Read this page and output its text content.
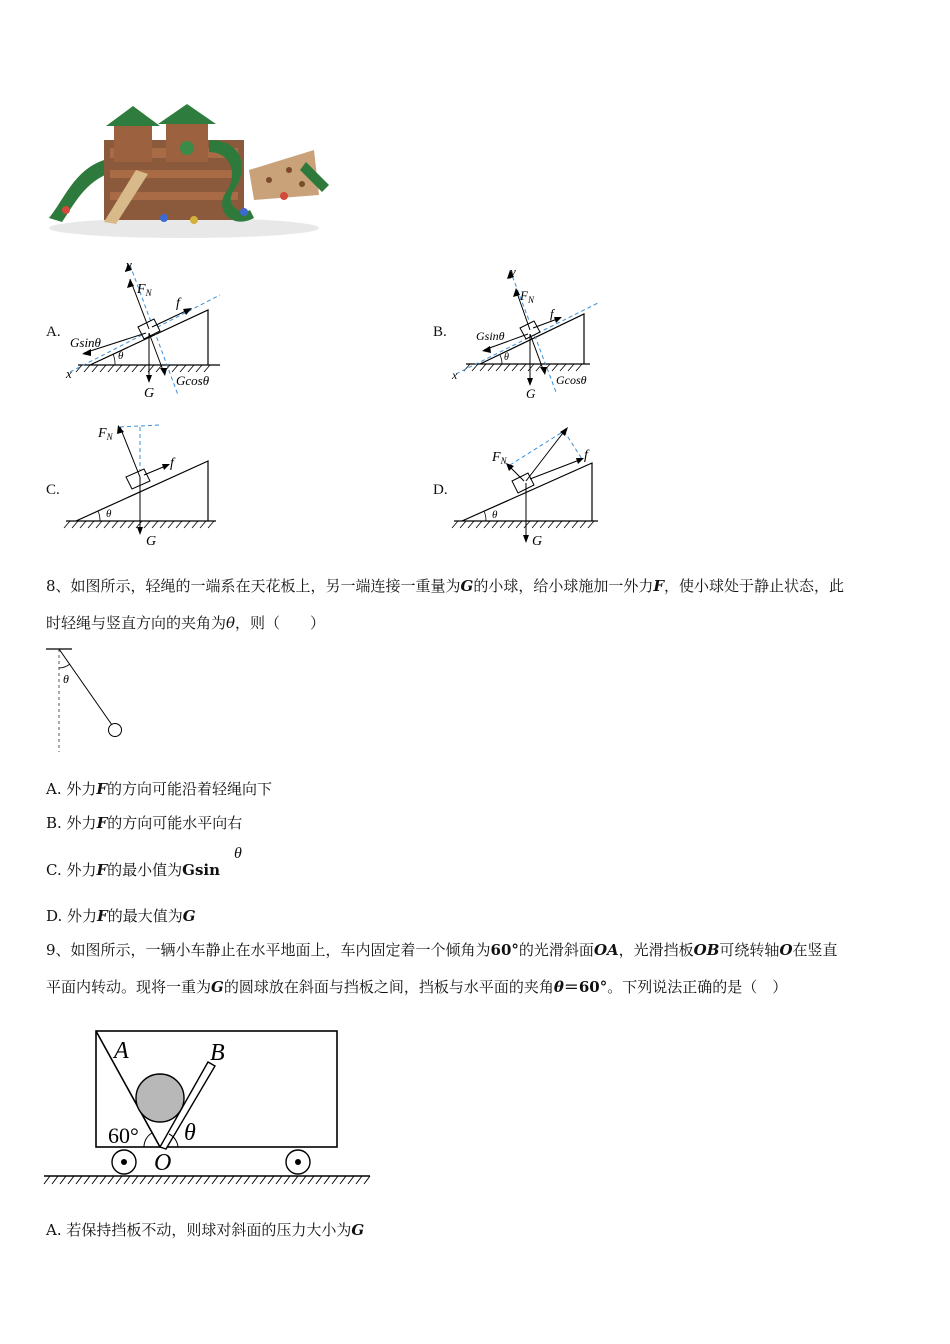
A.
y
$F_N$
f
Gsinθ
θ
x	Gcosθ
G
B.
y
$F_N$
f
Gsinθ
θ
x	Gcosθ
G
C.
$F_N$
f
θ
G
D.
$F_N$	f
θ
G
8、如图所示，轻绳的一端系在天花板上，另一端连接一重量为G的小球，给小球施加一外力F，使小球处于静止状态，此
时轻绳与竖直方向的夹角为θ，则（　　）
θ
A. 外力F的方向可能沿着轻绳向下
B. 外力F的方向可能水平向右
C. 外力F的最小值为Gsin
θ
D. 外力F的最大值为G
9、如图所示，一辆小车静止在水平地面上，车内固定着一个倾角为60°的光滑斜面OA，光滑挡板OB可绕转轴O在竖直
平面内转动。现将一重为G的圆球放在斜面与挡板之间，挡板与水平面的夹角θ＝60°。下列说法正确的是（　）
A	B
60° θ
O
A. 若保持挡板不动，则球对斜面的压力大小为G
